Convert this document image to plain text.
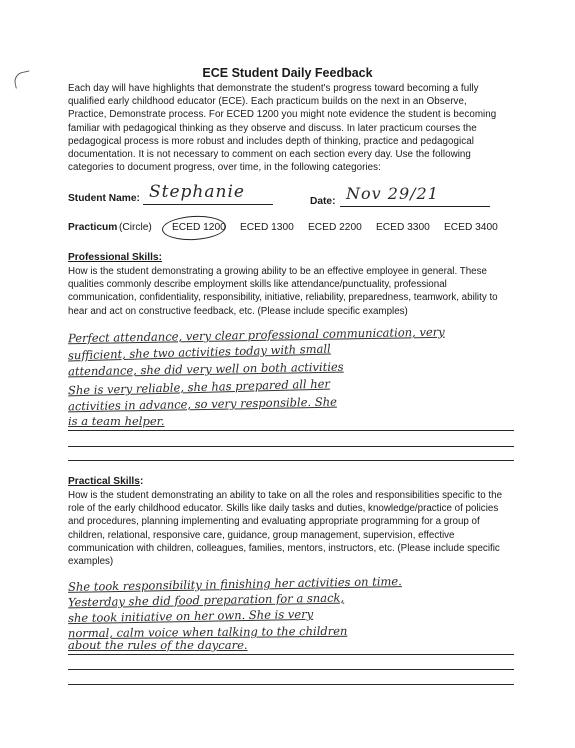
ECE Student Daily Feedback
Each day will have highlights that demonstrate the student's progress toward becoming a fully qualified early childhood educator (ECE). Each practicum builds on the next in an Observe, Practice, Demonstrate process. For ECED 1200 you might note evidence the student is becoming familiar with pedagogical thinking as they observe and discuss. In later practicum courses the pedagogical process is more robust and includes depth of thinking, practice and pedagogical documentation. It is not necessary to comment on each section every day. Use the following categories to document progress, over time, in the following categories:
Student Name: Stephanie	Date: Nov 29/21
Practicum (Circle) ECED 1200 ECED 1300 ECED 2200 ECED 3300 ECED 3400
Professional Skills:
How is the student demonstrating a growing ability to be an effective employee in general. These qualities commonly describe employment skills like attendance/punctuality, professional communication, confidentiality, responsibility, initiative, reliability, preparedness, teamwork, ability to hear and act on constructive feedback, etc. (Please include specific examples)
Perfect attendance, very clear professional communication, very
sufficient, she two activities today with small
attendance, she did very well on both activities
She is very reliable, she has prepared all her
activities in advance, so very responsible. She
is a team helper.
Practical Skills:
How is the student demonstrating an ability to take on all the roles and responsibilities specific to the role of the early childhood educator. Skills like daily tasks and duties, knowledge/practice of policies and procedures, planning implementing and evaluating appropriate programming for a group of children, relational, responsive care, guidance, group management, supervision, effective communication with children, colleagues, families, mentors, instructors, etc. (Please include specific examples)
She took responsibility in finishing her activities on time.
Yesterday she did food preparation for a snack,
she took initiative on her own. She is very
normal, calm voice when talking to the children
about the rules of the daycare.
